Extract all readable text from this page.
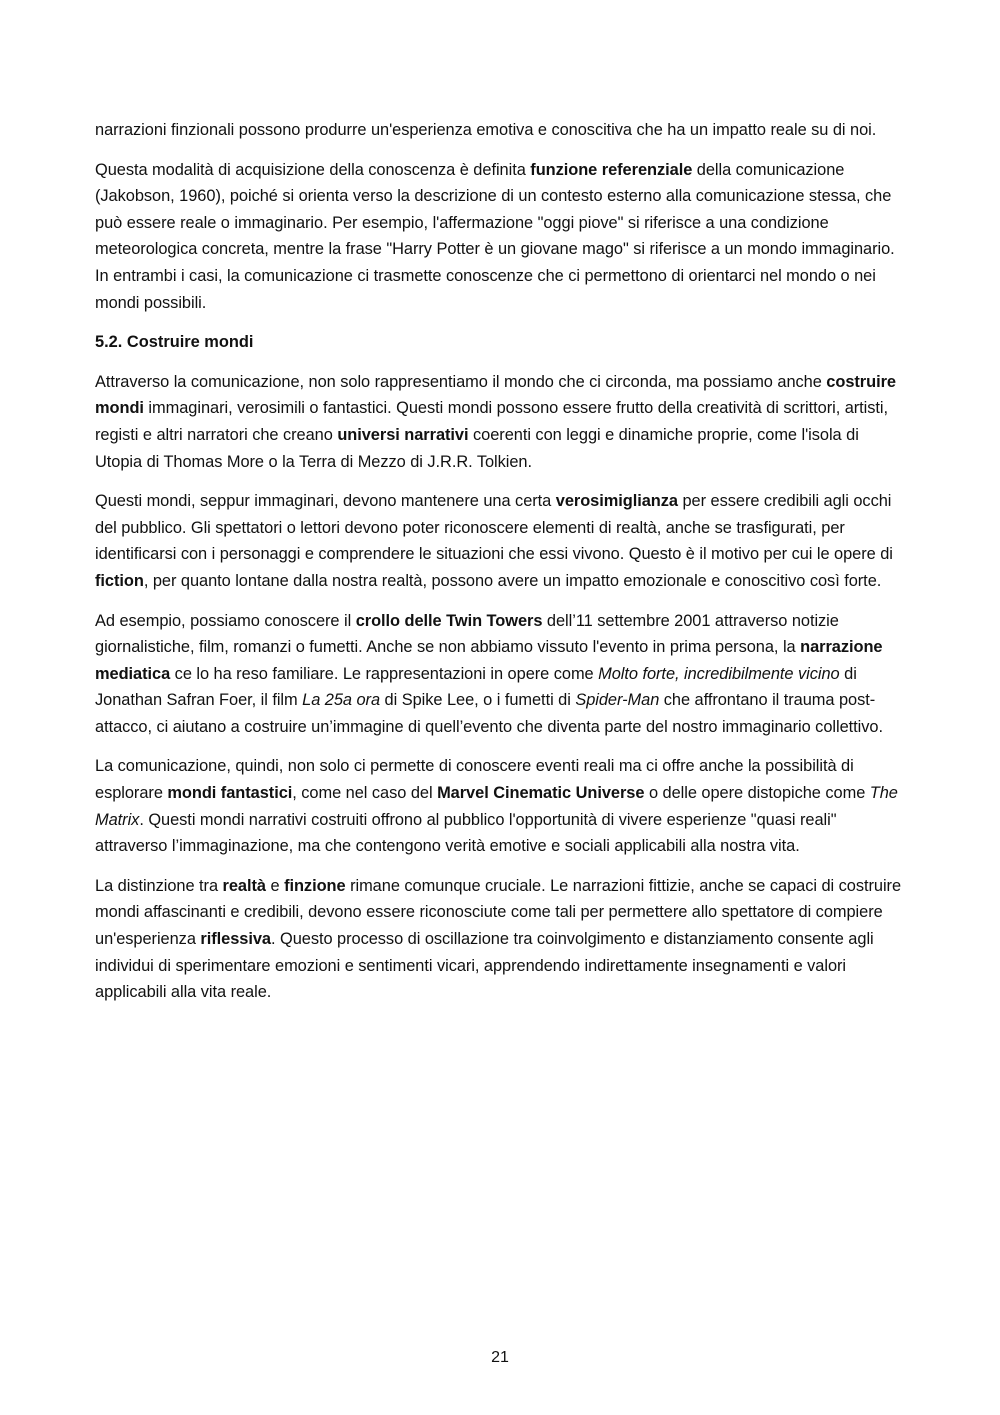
narrazioni finzionali possono produrre un'esperienza emotiva e conoscitiva che ha un impatto reale su di noi.

Questa modalità di acquisizione della conoscenza è definita funzione referenziale della comunicazione (Jakobson, 1960), poiché si orienta verso la descrizione di un contesto esterno alla comunicazione stessa, che può essere reale o immaginario. Per esempio, l'affermazione "oggi piove" si riferisce a una condizione meteorologica concreta, mentre la frase "Harry Potter è un giovane mago" si riferisce a un mondo immaginario. In entrambi i casi, la comunicazione ci trasmette conoscenze che ci permettono di orientarci nel mondo o nei mondi possibili.

5.2. Costruire mondi

Attraverso la comunicazione, non solo rappresentiamo il mondo che ci circonda, ma possiamo anche costruire mondi immaginari, verosimili o fantastici. Questi mondi possono essere frutto della creatività di scrittori, artisti, registi e altri narratori che creano universi narrativi coerenti con leggi e dinamiche proprie, come l'isola di Utopia di Thomas More o la Terra di Mezzo di J.R.R. Tolkien.

Questi mondi, seppur immaginari, devono mantenere una certa verosimiglianza per essere credibili agli occhi del pubblico. Gli spettatori o lettori devono poter riconoscere elementi di realtà, anche se trasfigurati, per identificarsi con i personaggi e comprendere le situazioni che essi vivono. Questo è il motivo per cui le opere di fiction, per quanto lontane dalla nostra realtà, possono avere un impatto emozionale e conoscitivo così forte.

Ad esempio, possiamo conoscere il crollo delle Twin Towers dell’11 settembre 2001 attraverso notizie giornalistiche, film, romanzi o fumetti. Anche se non abbiamo vissuto l'evento in prima persona, la narrazione mediatica ce lo ha reso familiare. Le rappresentazioni in opere come Molto forte, incredibilmente vicino di Jonathan Safran Foer, il film La 25a ora di Spike Lee, o i fumetti di Spider-Man che affrontano il trauma post-attacco, ci aiutano a costruire un’immagine di quell’evento che diventa parte del nostro immaginario collettivo.

La comunicazione, quindi, non solo ci permette di conoscere eventi reali ma ci offre anche la possibilità di esplorare mondi fantastici, come nel caso del Marvel Cinematic Universe o delle opere distopiche come The Matrix. Questi mondi narrativi costruiti offrono al pubblico l'opportunità di vivere esperienze "quasi reali" attraverso l’immaginazione, ma che contengono verità emotive e sociali applicabili alla nostra vita.

La distinzione tra realtà e finzione rimane comunque cruciale. Le narrazioni fittizie, anche se capaci di costruire mondi affascinanti e credibili, devono essere riconosciute come tali per permettere allo spettatore di compiere un'esperienza riflessiva. Questo processo di oscillazione tra coinvolgimento e distanziamento consente agli individui di sperimentare emozioni e sentimenti vicari, apprendendo indirettamente insegnamenti e valori applicabili alla vita reale.

21
